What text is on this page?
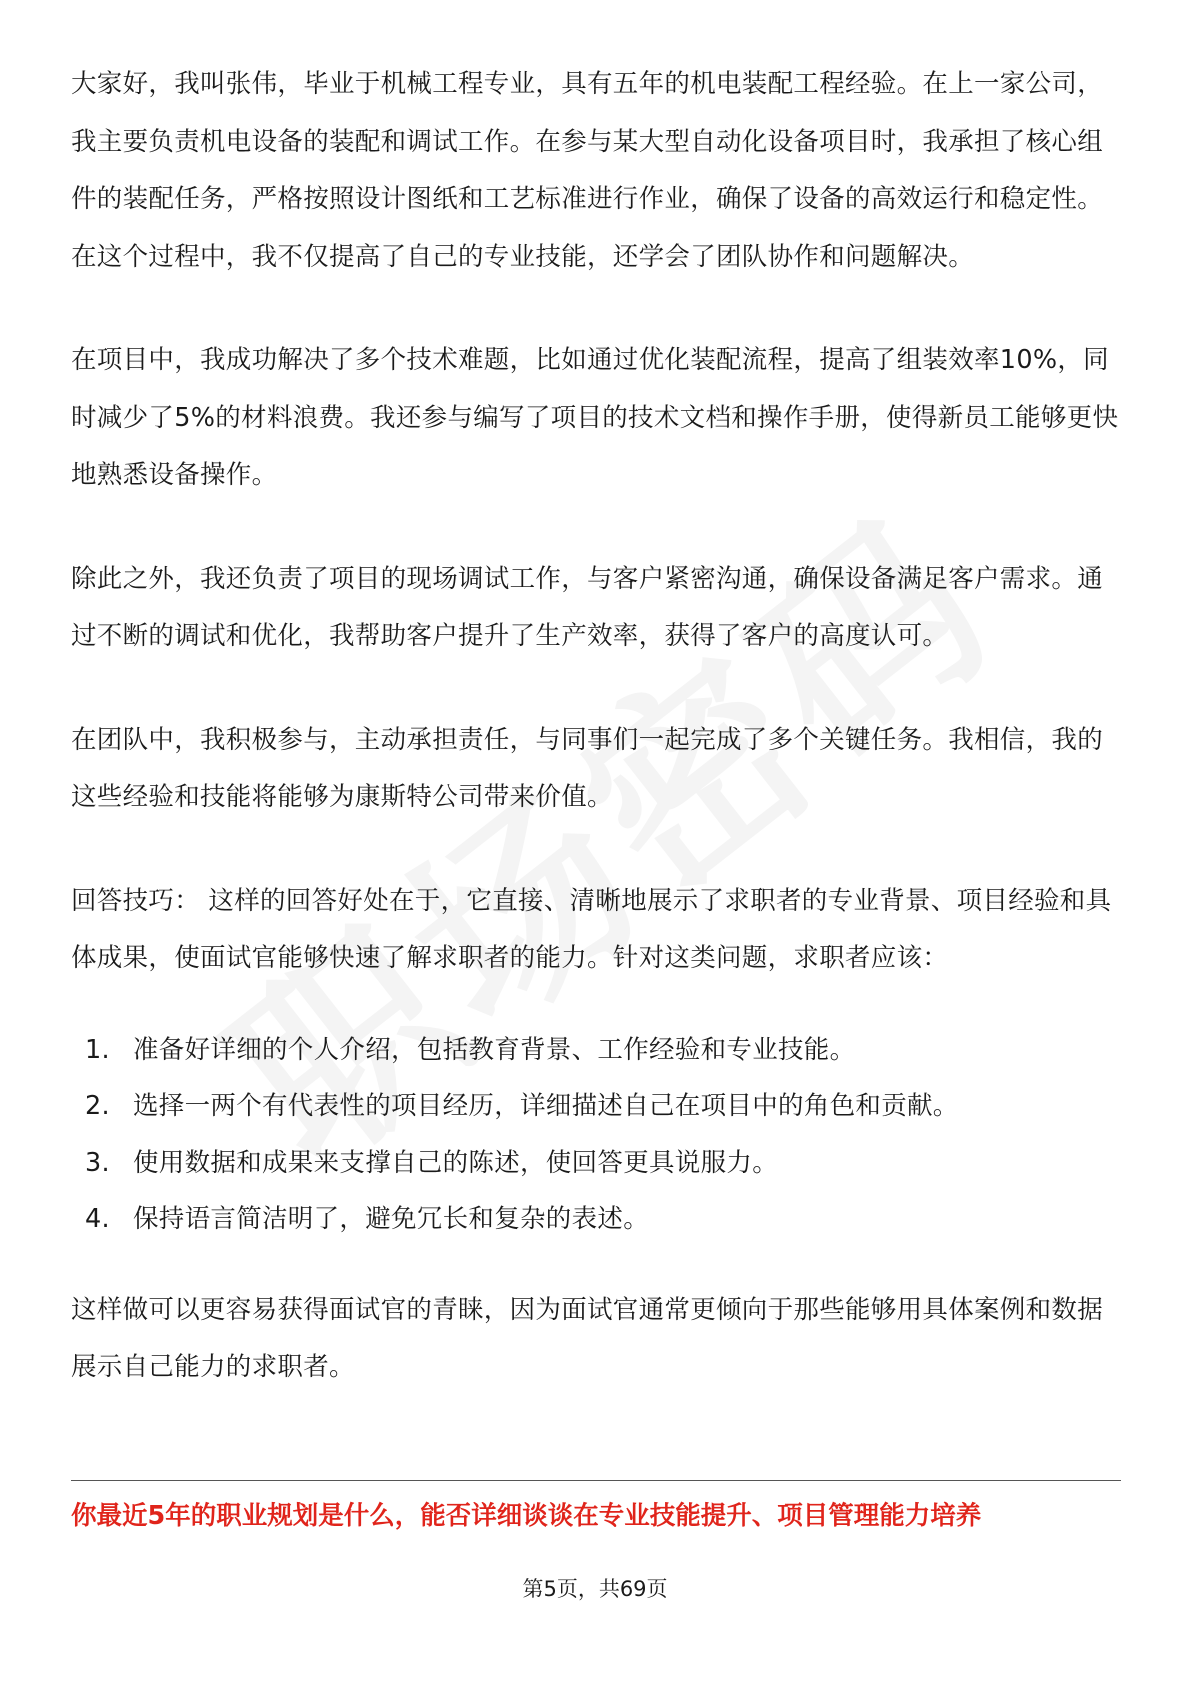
大家好，我叫张伟，毕业于机械工程专业，具有五年的机电装配工程经验。在上一家公司，我主要负责机电设备的装配和调试工作。在参与某大型自动化设备项目时，我承担了核心组件的装配任务，严格按照设计图纸和工艺标准进行作业，确保了设备的高效运行和稳定性。在这个过程中，我不仅提高了自己的专业技能，还学会了团队协作和问题解决。

在项目中，我成功解决了多个技术难题，比如通过优化装配流程，提高了组装效率10%，同时减少了5%的材料浪费。我还参与编写了项目的技术文档和操作手册，使得新员工能够更快地熟悉设备操作。

除此之外，我还负责了项目的现场调试工作，与客户紧密沟通，确保设备满足客户需求。通过不断的调试和优化，我帮助客户提升了生产效率，获得了客户的高度认可。

在团队中，我积极参与，主动承担责任，与同事们一起完成了多个关键任务。我相信，我的这些经验和技能将能够为康斯特公司带来价值。

回答技巧： 这样的回答好处在于，它直接、清晰地展示了求职者的专业背景、项目经验和具体成果，使面试官能够快速了解求职者的能力。针对这类问题，求职者应该：

1. 准备好详细的个人介绍，包括教育背景、工作经验和专业技能。
2. 选择一两个有代表性的项目经历，详细描述自己在项目中的角色和贡献。
3. 使用数据和成果来支撑自己的陈述，使回答更具说服力。
4. 保持语言简洁明了，避免冗长和复杂的表述。

这样做可以更容易获得面试官的青睐，因为面试官通常更倾向于那些能够用具体案例和数据展示自己能力的求职者。

你最近5年的职业规划是什么，能否详细谈谈在专业技能提升、项目管理能力培养
第5页，共69页
